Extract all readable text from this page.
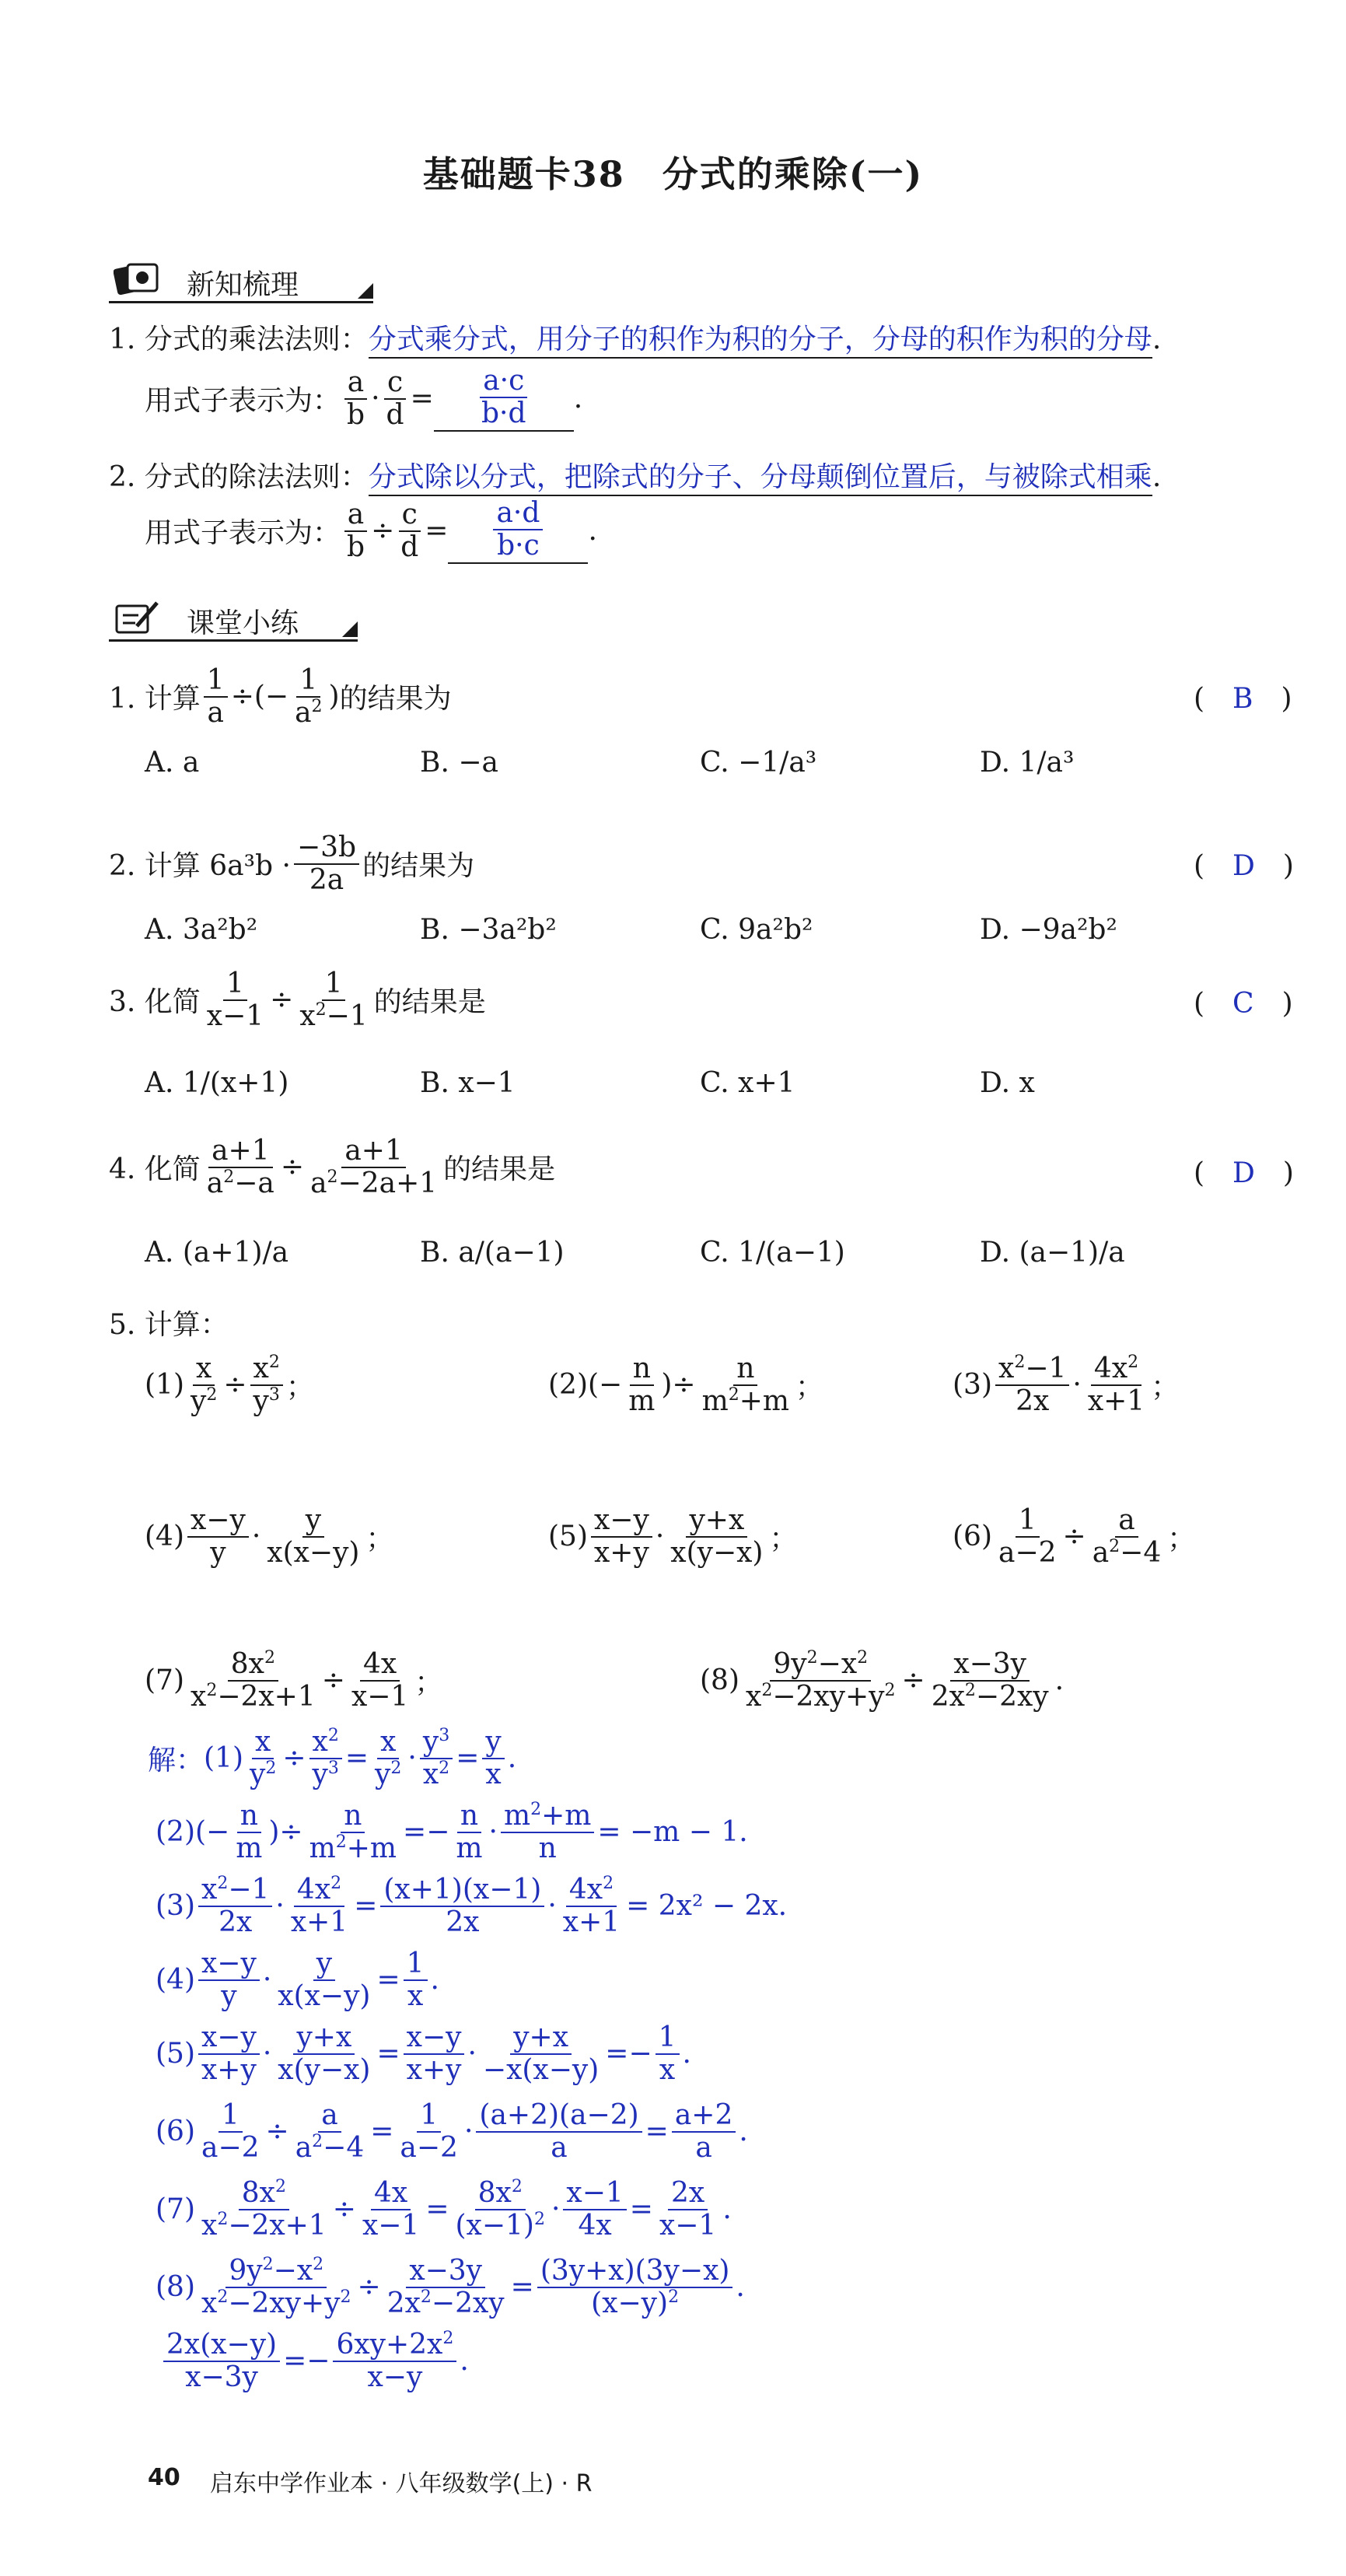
基础题卡38　分式的乘除(一)
新知梳理
1. 分式的乘法法则：分式乘分式，用分子的积作为积的分子，分母的积作为积的分母.
用式子表示为： $\frac{a}{b} \cdot \frac{c}{d} = \frac{a\cdot c}{b\cdot d}$ .
2. 分式的除法法则：分式除以分式，把除式的分子、分母颠倒位置后，与被除式相乘.
用式子表示为： $\frac{a}{b} \div \frac{c}{d} = \frac{a\cdot d}{b\cdot c}$ .
课堂小练
1. 计算 $\frac{1}{a}$ ÷(− $\frac{1}{a^2}$ ) 的结果为	(　B　)
A. a	B. −a	C. −1/a³	D. 1/a³
2. 计算 $6a^3b \cdot \frac{-3b}{2a}$ 的结果为	(　D　)
A. 3a²b²	B. −3a²b²	C. 9a²b²	D. −9a²b²
3. 化简 $\frac{1}{x-1} \div \frac{1}{x^2-1}$ 的结果是	(　C　)
A. 1/(x+1)	B. x−1	C. x+1	D. x
4. 化简 $\frac{a+1}{a^2-a} \div \frac{a+1}{a^2-2a+1}$ 的结果是	(　D　)
A. (a+1)/a	B. a/(a−1)	C. 1/(a−1)	D. (a−1)/a
5. 计算：
$(1) \frac{x}{y^2} \div \frac{x^2}{y^3}$ ；	(2) (− $\frac{n}{m}$ )÷ $\frac{n}{m^2+m}$ ；	$(3) \frac{x^2-1}{2x} \cdot \frac{4x^2}{x+1}$ ；
$(4) \frac{x-y}{y} \cdot \frac{y}{x(x-y)}$ ；	$(5) \frac{x-y}{x+y} \cdot \frac{y+x}{x(y-x)}$ ；	$(6) \frac{1}{a-2} \div \frac{a}{a^2-4}$ ；
$(7) \frac{8x^2}{x^2-2x+1} \div \frac{4x}{x-1}$ ；	$(8) \frac{9y^2-x^2}{x^2-2xy+y^2} \div \frac{x-3y}{2x^2-2xy}$ .
解： $(1) \frac{x}{y^2} \div \frac{x^2}{y^3} = \frac{x}{y^2} \cdot \frac{y^3}{x^2} = \frac{y}{x}$ .
(2) (− $\frac{n}{m}$ )÷ $\frac{n}{m^2+m} =- \frac{n}{m} \cdot \frac{m^2+m}{n} = -m - 1$.
$(3) \frac{x^2-1}{2x} \cdot \frac{4x^2}{x+1} = \frac{(x+1)(x-1)}{2x} \cdot \frac{4x^2}{x+1} = 2x^2 - 2x$.
$(4) \frac{x-y}{y} \cdot \frac{y}{x(x-y)} = \frac{1}{x}$ .
$(5) \frac{x-y}{x+y} \cdot \frac{y+x}{x(y-x)} = \frac{x-y}{x+y} \cdot \frac{y+x}{-x(x-y)} =- \frac{1}{x}$ .
$(6) \frac{1}{a-2} \div \frac{a}{a^2-4} = \frac{1}{a-2} \cdot \frac{(a+2)(a-2)}{a} = \frac{a+2}{a}$ .
$(7) \frac{8x^2}{x^2-2x+1} \div \frac{4x}{x-1} = \frac{8x^2}{(x-1)^2} \cdot \frac{x-1}{4x} = \frac{2x}{x-1}$ .
$(8) \frac{9y^2-x^2}{x^2-2xy+y^2} \div \frac{x-3y}{2x^2-2xy} = \frac{(3y+x)(3y-x)}{(x-y)^2}$ .
$\frac{2x(x-y)}{x-3y} =- \frac{6xy+2x^2}{x-y}$ .
40 启东中学作业本 · 八年级数学(上) · R
